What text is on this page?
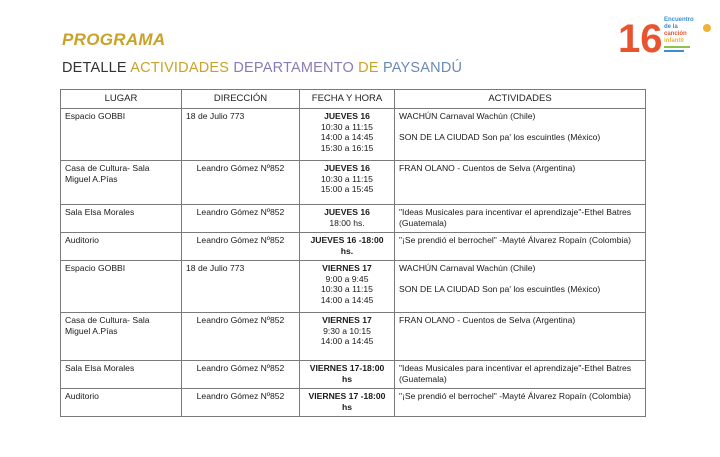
PROGRAMA
DETALLE ACTIVIDADES DEPARTAMENTO DE PAYSANDÚ
16 Encuentro
de la
canción
infantil
LUGAR	DIRECCIÓN	FECHA Y HORA	ACTIVIDADES
Espacio GOBBI	18 de Julio 773	JUEVES 16
10:30 a 11:15
14:00 a 14:45
15:30 a 16:15	WACHÚN Carnaval Wachún (Chile)
SON DE LA CIUDAD Son pa' los escuintles (México)

Casa de Cultura- Sala Miguel A.Pías	Leandro Gómez Nº852	JUEVES 16
10:30 a 11:15
15:00 a 15:45	FRAN OLANO - Cuentos de Selva (Argentina)

Sala Elsa Morales	Leandro Gómez Nº852	JUEVES 16
18:00 hs.	"Ideas Musicales para incentivar el aprendizaje"-Ethel Batres (Guatemala)

Auditorio	Leandro Gómez Nº852	JUEVES 16 -18:00 hs.	"¡Se prendió el berrochel" -Mayté Álvarez Ropaín (Colombia)

Espacio GOBBI	18 de Julio 773	VIERNES 17
9:00 a 9:45
10:30 a 11:15
14:00 a 14:45	WACHÚN Carnaval Wachún (Chile)
SON DE LA CIUDAD Son pa' los escuintles (México)

Casa de Cultura- Sala Miguel A.Pías	Leandro Gómez Nº852	VIERNES 17
9:30 a 10:15
14:00 a 14:45	FRAN OLANO - Cuentos de Selva (Argentina)

Sala Elsa Morales	Leandro Gómez Nº852	VIERNES 17-18:00 hs	"Ideas Musicales para incentivar el aprendizaje"-Ethel Batres (Guatemala)

Auditorio	Leandro Gómez Nº852	VIERNES 17 -18:00 hs	"¡Se prendió el berrochel" -Mayté Álvarez Ropaín (Colombia)
